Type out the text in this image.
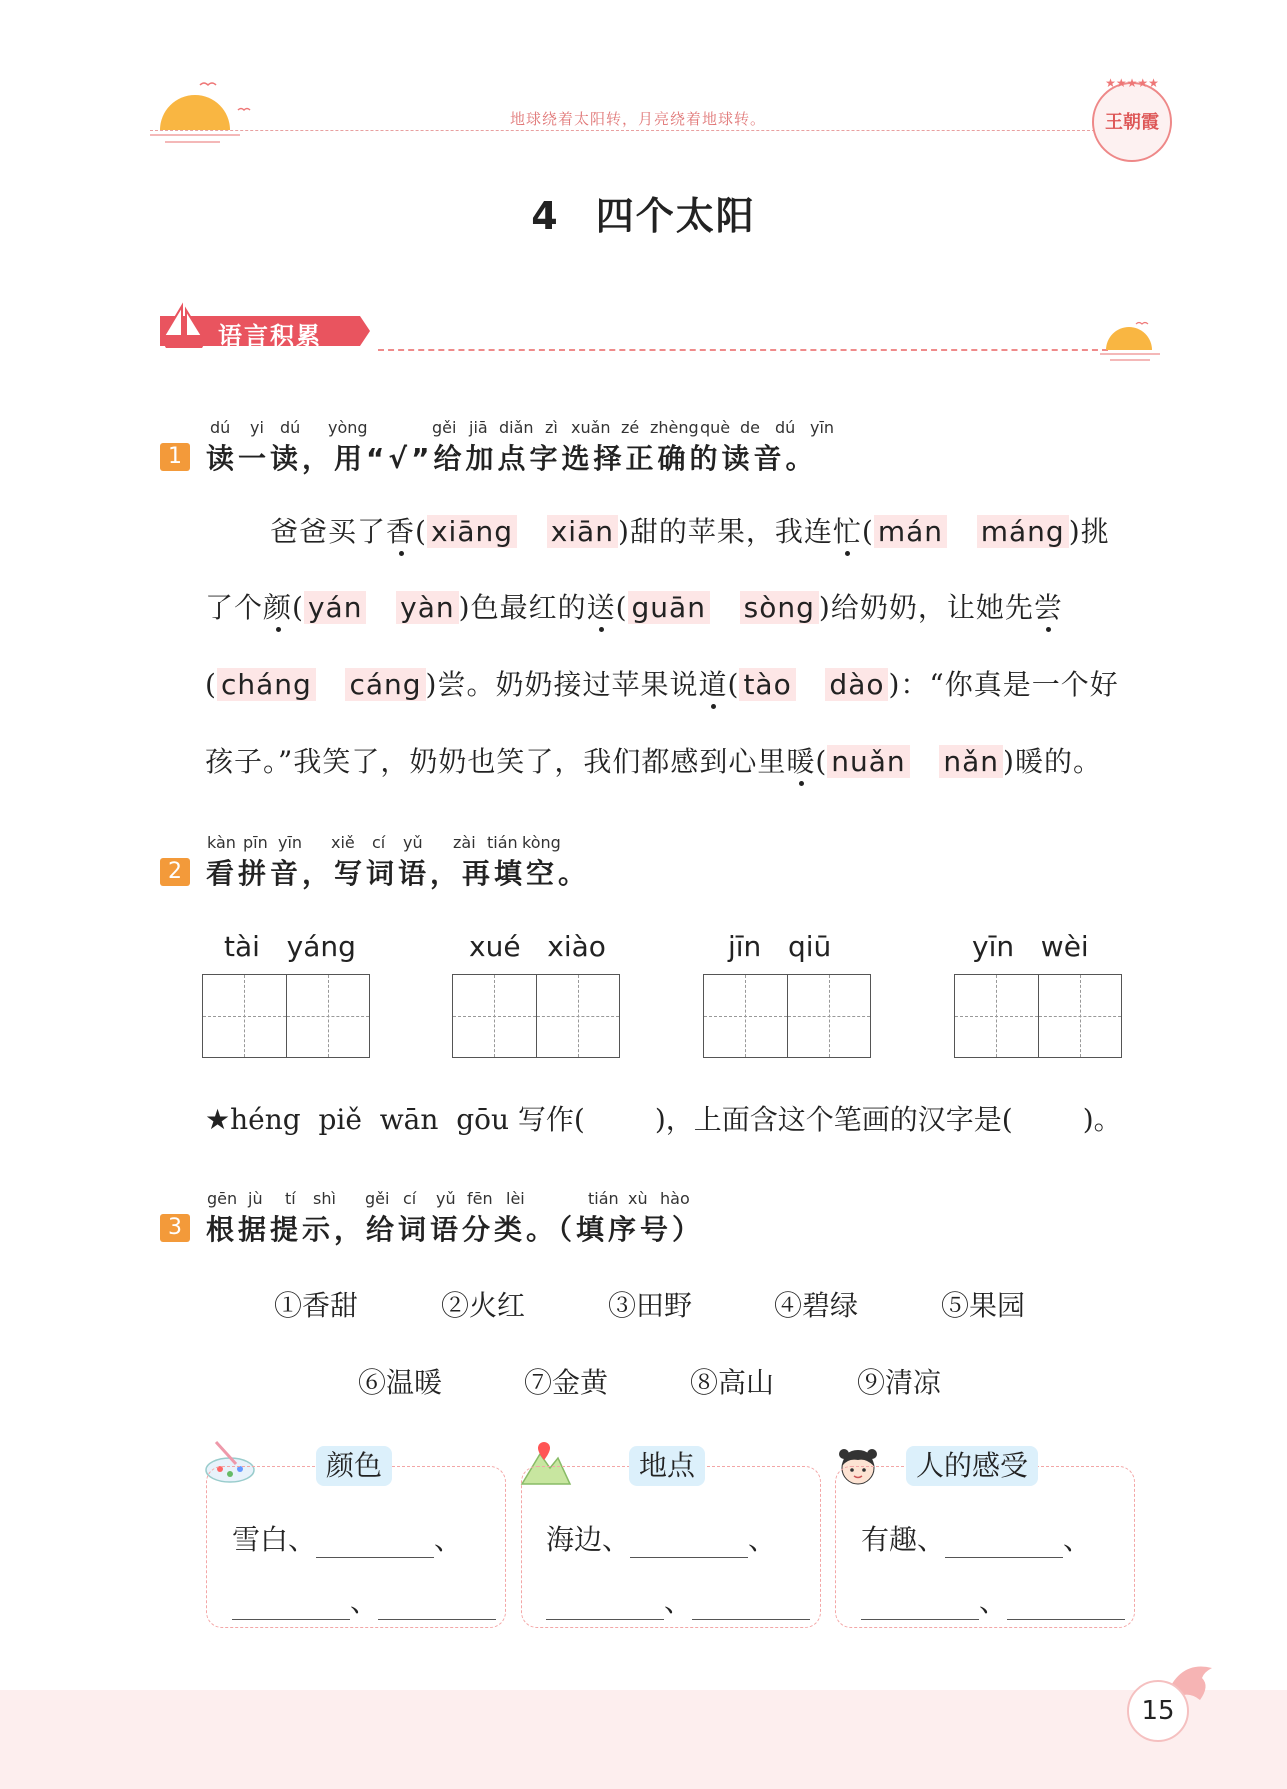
地球绕着太阳转，月亮绕着地球转。
★★★★★
王朝霞
4 四个太阳
语言积累
dú yi dú yòng	gěi jiā diǎn zì xuǎn zé zhèng què de dú yīn
1 读一读，用“√”给加点字选择正确的读音。
爸爸买了香( xiāng xiān )甜的苹果，我连忙( mán máng )挑
了个颜( yán yàn )色最红的送( guān sòng )给奶奶，让她先尝
( cháng cáng )尝。奶奶接过苹果说道( tào dào )：“你真是一个好
孩子。”我笑了，奶奶也笑了，我们都感到心里暖( nuǎn nǎn )暖的。
kàn pīn yīn xiě cí yǔ zài tián kòng
2 看拼音，写词语，再填空。
tài   yáng	xué   xiào	jīn   qiū	yīn   wèi
★héng  piě  wān  gōu 写作(	)，上面含这个笔画的汉字是(	)。
gēn jù tí shì gěi cí yǔ fēn lèi	tián xù hào
3 根据提示，给词语分类。（填序号）
①香甜	②火红	③田野	④碧绿	⑤果园
⑥温暖	⑦金黄	⑧高山	⑨清凉
颜色
雪白、	、
、
地点
海边、	、
、
人的感受
有趣、	、
、
15
